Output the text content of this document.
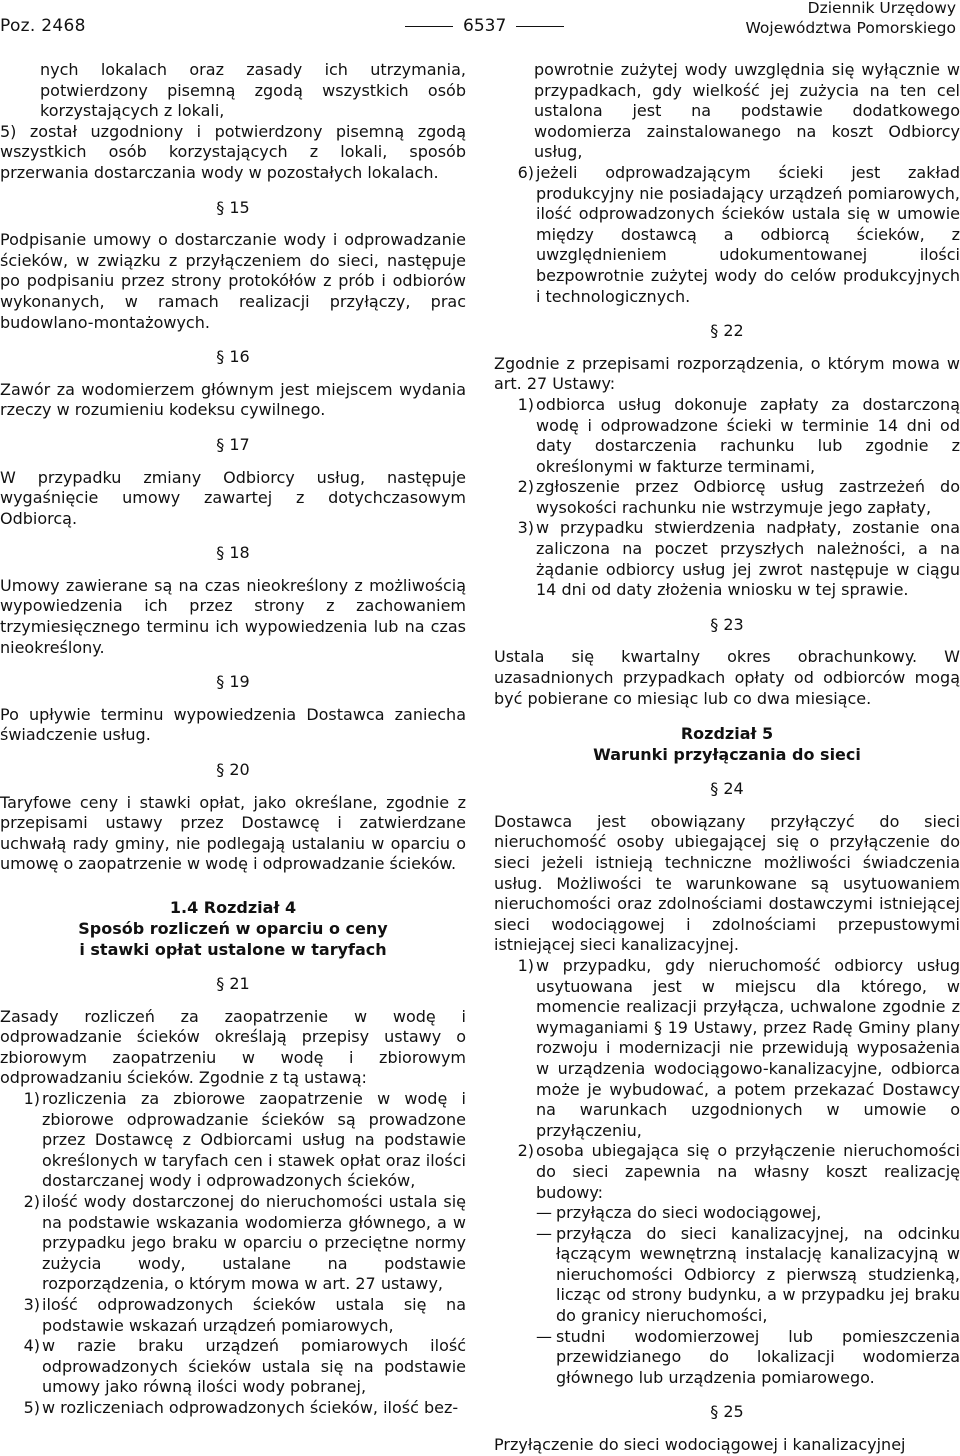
Poz. 2468	6537
Dziennik Urzędowy
Województwa Pomorskiego

nych lokalach oraz zasady ich utrzymania, potwierdzony pisemną zgodą wszystkich osób korzystających z lokali,

5) został uzgodniony i potwierdzony pisemną zgodą wszystkich osób korzystających z lokali, sposób przerwania dostarczania wody w pozostałych lokalach.

§ 15

Podpisanie umowy o dostarczanie wody i odprowadzanie ścieków, w związku z przyłączeniem do sieci, następuje po podpisaniu przez strony protokółów z prób i odbiorów wykonanych, w ramach realizacji przyłączy, prac budowlano-montażowych.

§ 16

Zawór za wodomierzem głównym jest miejscem wydania rzeczy w rozumieniu kodeksu cywilnego.

§ 17

W przypadku zmiany Odbiorcy usług, następuje wygaśnięcie umowy zawartej z dotychczasowym Odbiorcą.

§ 18

Umowy zawierane są na czas nieokreślony z możliwością wypowiedzenia ich przez strony z zachowaniem trzymiesięcznego terminu ich wypowiedzenia lub na czas nieokreślony.

§ 19

Po upływie terminu wypowiedzenia Dostawca zaniecha świadczenie usług.

§ 20

Taryfowe ceny i stawki opłat, jako określane, zgodnie z przepisami ustawy przez Dostawcę i zatwierdzane uchwałą rady gminy, nie podlegają ustalaniu w oparciu o umowę o zaopatrzenie w wodę i odprowadzanie ścieków.

1.4 Rozdział 4
Sposób rozliczeń w oparciu o ceny
i stawki opłat ustalone w taryfach
§ 21

Zasady rozliczeń za zaopatrzenie w wodę i odprowadzanie ścieków określają przepisy ustawy o zbiorowym zaopatrzeniu w wodę i zbiorowym odprowadzaniu ścieków. Zgodnie z tą ustawą:

1) rozliczenia za zbiorowe zaopatrzenie w wodę i zbiorowe odprowadzanie ścieków są prowadzone przez Dostawcę z Odbiorcami usług na podstawie określonych w taryfach cen i stawek opłat oraz ilości dostarczanej wody i odprowadzonych ścieków,
2) ilość wody dostarczonej do nieruchomości ustala się na podstawie wskazania wodomierza głównego, a w przypadku jego braku w oparciu o przeciętne normy zużycia wody, ustalane na podstawie rozporządzenia, o którym mowa w art. 27 ustawy,
3) ilość odprowadzonych ścieków ustala się na podstawie wskazań urządzeń pomiarowych,
4) w razie braku urządzeń pomiarowych ilość odprowadzonych ścieków ustala się na podstawie umowy jako równą ilości wody pobranej,
5) w rozliczeniach odprowadzonych ścieków, ilość bez-

powrotnie zużytej wody uwzględnia się wyłącznie w przypadkach, gdy wielkość jej zużycia na ten cel ustalona jest na podstawie dodatkowego wodomierza zainstalowanego na koszt Odbiorcy usług,

6) jeżeli odprowadzającym ścieki jest zakład produkcyjny nie posiadający urządzeń pomiarowych, ilość odprowadzonych ścieków ustala się w umowie między dostawcą a odbiorcą ścieków, z uwzględnieniem udokumentowanej ilości bezpowrotnie zużytej wody do celów produkcyjnych i technologicznych.
§ 22

Zgodnie z przepisami rozporządzenia, o którym mowa w art. 27 Ustawy:

1) odbiorca usług dokonuje zapłaty za dostarczoną wodę i odprowadzone ścieki w terminie 14 dni od daty dostarczenia rachunku lub zgodnie z określonymi w fakturze terminami,
2) zgłoszenie przez Odbiorcę usług zastrzeżeń do wysokości rachunku nie wstrzymuje jego zapłaty,
3) w przypadku stwierdzenia nadpłaty, zostanie ona zaliczona na poczet przyszłych należności, a na żądanie odbiorcy usług jej zwrot następuje w ciągu 14 dni od daty złożenia wniosku w tej sprawie.
§ 23

Ustala się kwartalny okres obrachunkowy. W uzasadnionych przypadkach opłaty od odbiorców mogą być pobierane co miesiąc lub co dwa miesiące.

Rozdział 5
Warunki przyłączania do sieci
§ 24

Dostawca jest obowiązany przyłączyć do sieci nieruchomość osoby ubiegającej się o przyłączenie do sieci jeżeli istnieją techniczne możliwości świadczenia usług. Możliwości te warunkowane są usytuowaniem nieruchomości oraz zdolnościami dostawczymi istniejącej sieci wodociągowej i zdolnościami przepustowymi istniejącej sieci kanalizacyjnej.

1) w przypadku, gdy nieruchomość odbiorcy usług usytuowana jest w miejscu dla którego, w momencie realizacji przyłącza, uchwalone zgodnie z wymaganiami § 19 Ustawy, przez Radę Gminy plany rozwoju i modernizacji nie przewidują wyposażenia w urządzenia wodociągowo-kanalizacyjne, odbiorca może je wybudować, a potem przekazać Dostawcy na warunkach uzgodnionych w umowie o przyłączeniu,
2) osoba ubiegająca się o przyłączenie nieruchomości do sieci zapewnia na własny koszt realizację budowy:
— przyłącza do sieci wodociągowej,
— przyłącza do sieci kanalizacyjnej, na odcinku łączącym wewnętrzną instalację kanalizacyjną w nieruchomości Odbiorcy z pierwszą studzienką, licząc od strony budynku, a w przypadku jej braku do granicy nieruchomości,
— studni wodomierzowej lub pomieszczenia przewidzianego do lokalizacji wodomierza głównego lub urządzenia pomiarowego.
§ 25

Przyłączenie do sieci wodociągowej i kanalizacyjnej
